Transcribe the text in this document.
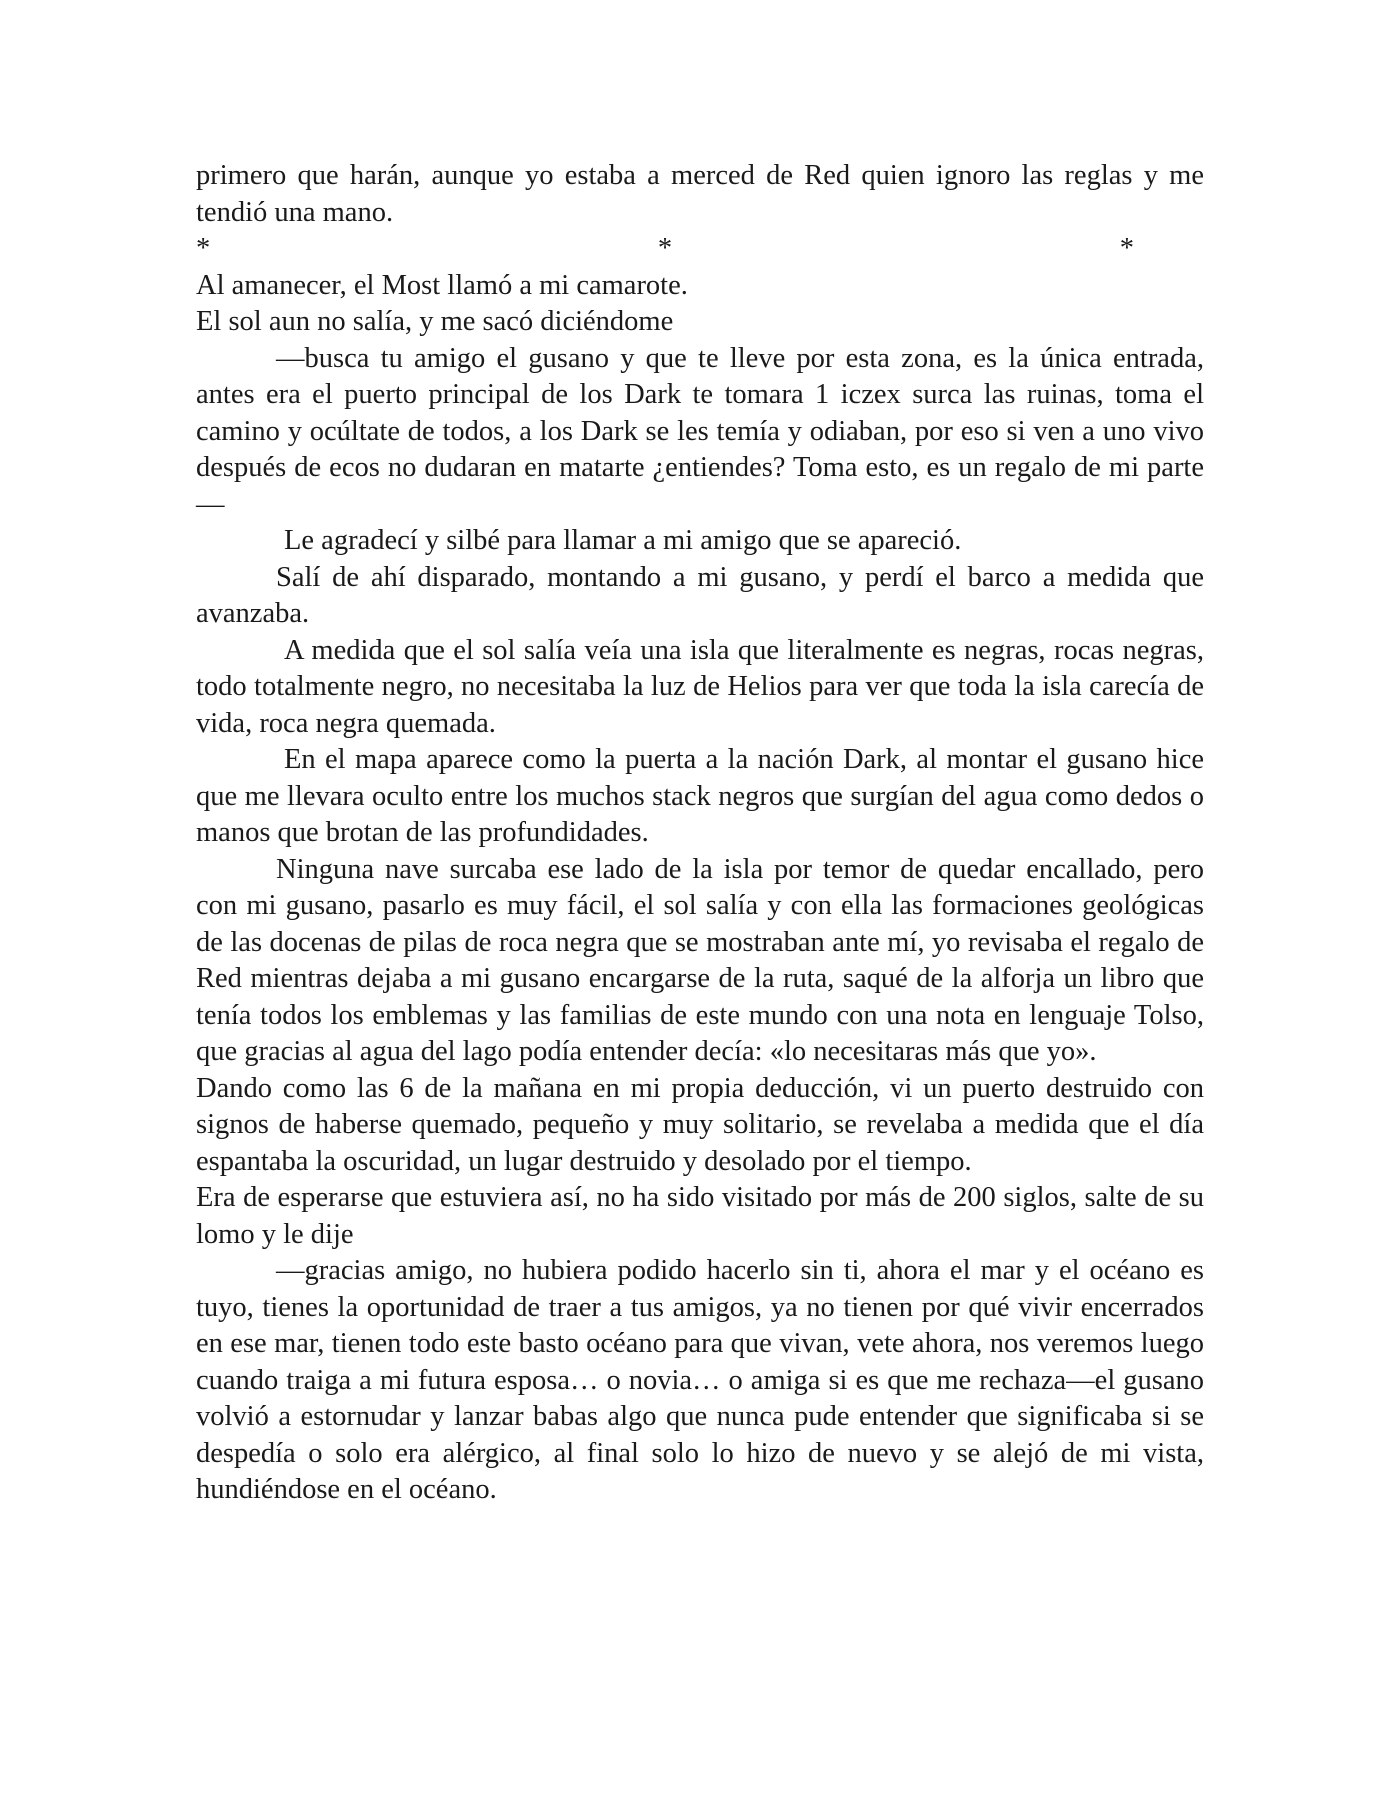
primero que harán, aunque yo estaba a merced de Red quien ignoro las reglas y me tendió una mano.

*	*	*

Al amanecer, el Most llamó a mi camarote.

El sol aun no salía, y me sacó diciéndome

—busca tu amigo el gusano y que te lleve por esta zona, es la única entrada, antes era el puerto principal de los Dark te tomara 1 iczex surca las ruinas, toma el camino y ocúltate de todos, a los Dark se les temía y odiaban, por eso si ven a uno vivo después de ecos no dudaran en matarte ¿entiendes? Toma esto, es un regalo de mi parte—

Le agradecí y silbé para llamar a mi amigo que se apareció.

Salí de ahí disparado, montando a mi gusano, y perdí el barco a medida que avanzaba.

A medida que el sol salía veía una isla que literalmente es negras, rocas negras, todo totalmente negro, no necesitaba la luz de Helios para ver que toda la isla carecía de vida, roca negra quemada.

En el mapa aparece como la puerta a la nación Dark, al montar el gusano hice que me llevara oculto entre los muchos stack negros que surgían del agua como dedos o manos que brotan de las profundidades.

Ninguna nave surcaba ese lado de la isla por temor de quedar encallado, pero con mi gusano, pasarlo es muy fácil, el sol salía y con ella las formaciones geológicas de las docenas de pilas de roca negra que se mostraban ante mí, yo revisaba el regalo de Red mientras dejaba a mi gusano encargarse de la ruta, saqué de la alforja un libro que tenía todos los emblemas y las familias de este mundo con una nota en lenguaje Tolso, que gracias al agua del lago podía entender decía: «lo necesitaras más que yo».

Dando como las 6 de la mañana en mi propia deducción, vi un puerto destruido con signos de haberse quemado, pequeño y muy solitario, se revelaba a medida que el día espantaba la oscuridad, un lugar destruido y desolado por el tiempo.

Era de esperarse que estuviera así, no ha sido visitado por más de 200 siglos, salte de su lomo y le dije

—gracias amigo, no hubiera podido hacerlo sin ti, ahora el mar y el océano es tuyo, tienes la oportunidad de traer a tus amigos, ya no tienen por qué vivir encerrados en ese mar, tienen todo este basto océano para que vivan, vete ahora, nos veremos luego cuando traiga a mi futura esposa… o novia… o amiga si es que me rechaza—el gusano volvió a estornudar y lanzar babas algo que nunca pude entender que significaba si se despedía o solo era alérgico, al final solo lo hizo de nuevo y se alejó de mi vista, hundiéndose en el océano.
